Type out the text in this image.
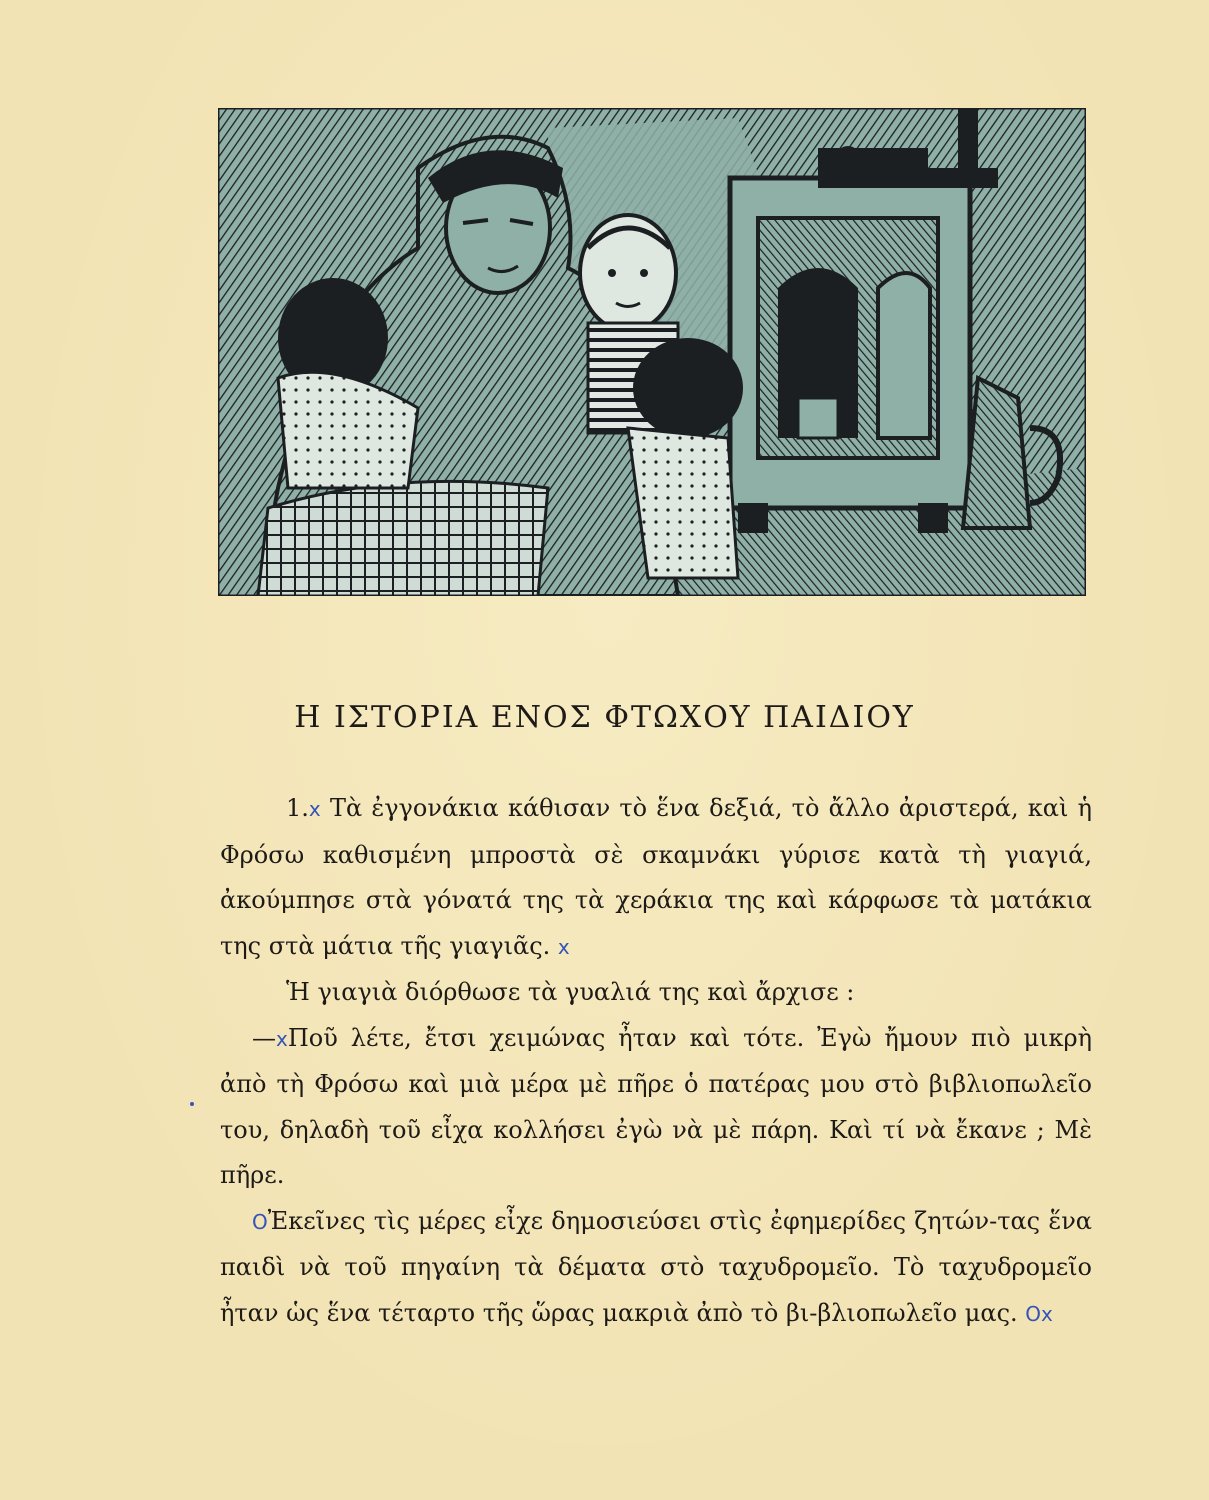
Η ΙΣΤΟΡΙΑ ΕΝΟΣ ΦΤΩΧΟΥ ΠΑΙΔΙΟΥ

1.x Τὰ ἐγγονάκια κάθισαν τὸ ἕνα δεξιά, τὸ ἄλλο ἀριστερά, καὶ ἡ Φρόσω καθισμένη μπροστὰ σὲ σκαμνάκι γύρισε κατὰ τὴ γιαγιά, ἀκούμπησε στὰ γόνατά της τὰ χεράκια της καὶ κάρφωσε τὰ ματάκια της στὰ μάτια τῆς γιαγιᾶς. x

Ἡ γιαγιὰ διόρθωσε τὰ γυαλιά της καὶ ἄρχισε :

—xΠοῦ λέτε, ἔτσι χειμώνας ἦταν καὶ τότε. Ἐγὼ ἤμουν πιὸ μικρὴ ἀπὸ τὴ Φρόσω καὶ μιὰ μέρα μὲ πῆρε ὁ πατέρας μου στὸ βιβλιοπωλεῖο του, δηλαδὴ τοῦ εἶχα κολλήσει ἐγὼ νὰ μὲ πάρη. Καὶ τί νὰ ἔκανε ; Μὲ πῆρε.

OἘκεῖνες τὶς μέρες εἶχε δημοσιεύσει στὶς ἐφημερίδες ζητών-τας ἕνα παιδὶ νὰ τοῦ πηγαίνη τὰ δέματα στὸ ταχυδρομεῖο. Τὸ ταχυδρομεῖο ἦταν ὡς ἕνα τέταρτο τῆς ὥρας μακριὰ ἀπὸ τὸ βι-βλιοπωλεῖο μας. Ox
